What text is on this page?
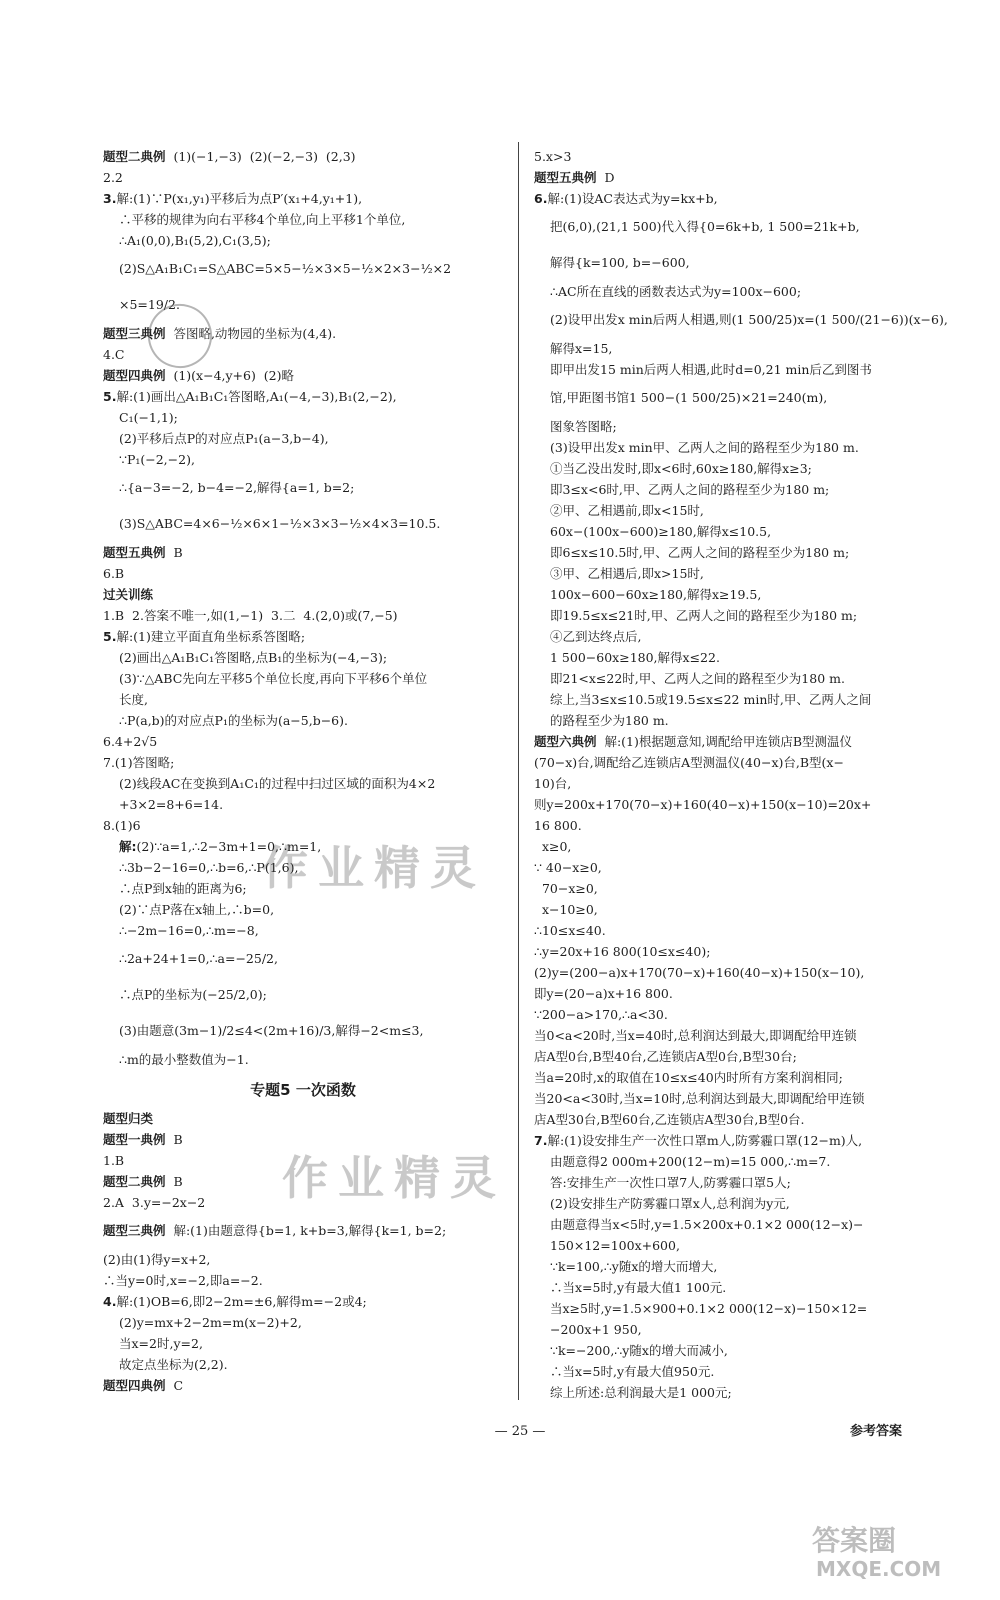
题型二典例  (1)(−1,−3)  (2)(−2,−3)  (2,3)
2.2
3.解:(1)∵P(x₁,y₁)平移后为点P′(x₁+4,y₁+1),
∴平移的规律为向右平移4个单位,向上平移1个单位,
∴A₁(0,0),B₁(5,2),C₁(3,5);
(2)S△A₁B₁C₁=S△ABC=5×5−½×3×5−½×2×3−½×2
×5=19/2.
题型三典例  答图略,动物园的坐标为(4,4).
4.C
题型四典例  (1)(x−4,y+6)  (2)略
5.解:(1)画出△A₁B₁C₁答图略,A₁(−4,−3),B₁(2,−2),
C₁(−1,1);
(2)平移后点P的对应点P₁(a−3,b−4),
∵P₁(−2,−2),
∴{a−3=−2, b−4=−2,解得{a=1, b=2;
(3)S△ABC=4×6−½×6×1−½×3×3−½×4×3=10.5.
题型五典例  B
6.B
过关训练
1.B  2.答案不唯一,如(1,−1)  3.二  4.(2,0)或(7,−5)
5.解:(1)建立平面直角坐标系答图略;
(2)画出△A₁B₁C₁答图略,点B₁的坐标为(−4,−3);
(3)∵△ABC先向左平移5个单位长度,再向下平移6个单位
长度,
∴P(a,b)的对应点P₁的坐标为(a−5,b−6).
6.4+2√5
7.(1)答图略;
(2)线段AC在变换到A₁C₁的过程中扫过区域的面积为4×2
+3×2=8+6=14.
8.(1)6
解:(2)∵a=1,∴2−3m+1=0,∴m=1,
∴3b−2−16=0,∴b=6,∴P(1,6),
∴点P到x轴的距离为6;
(2)∵点P落在x轴上,∴b=0,
∴−2m−16=0,∴m=−8,
∴2a+24+1=0,∴a=−25/2,
∴点P的坐标为(−25/2,0);
(3)由题意(3m−1)/2≤4<(2m+16)/3,解得−2<m≤3,
∴m的最小整数值为−1.
专题5 一次函数
题型归类
题型一典例  B
1.B
题型二典例  B
2.A  3.y=−2x−2
题型三典例  解:(1)由题意得{b=1, k+b=3,解得{k=1, b=2;
(2)由(1)得y=x+2,
∴当y=0时,x=−2,即a=−2.
4.解:(1)OB=6,即2−2m=±6,解得m=−2或4;
(2)y=mx+2−2m=m(x−2)+2,
当x=2时,y=2,
故定点坐标为(2,2).
题型四典例  C
5.x>3
题型五典例  D
6.解:(1)设AC表达式为y=kx+b,
把(6,0),(21,1 500)代入得{0=6k+b, 1 500=21k+b,
解得{k=100, b=−600,
∴AC所在直线的函数表达式为y=100x−600;
(2)设甲出发x min后两人相遇,则(1 500/25)x=(1 500/(21−6))(x−6),
解得x=15,
即甲出发15 min后两人相遇,此时d=0,21 min后乙到图书
馆,甲距图书馆1 500−(1 500/25)×21=240(m),
图象答图略;
(3)设甲出发x min甲、乙两人之间的路程至少为180 m.
①当乙没出发时,即x<6时,60x≥180,解得x≥3;
即3≤x<6时,甲、乙两人之间的路程至少为180 m;
②甲、乙相遇前,即x<15时,
60x−(100x−600)≥180,解得x≤10.5,
即6≤x≤10.5时,甲、乙两人之间的路程至少为180 m;
③甲、乙相遇后,即x>15时,
100x−600−60x≥180,解得x≥19.5,
即19.5≤x≤21时,甲、乙两人之间的路程至少为180 m;
④乙到达终点后,
1 500−60x≥180,解得x≤22.
即21<x≤22时,甲、乙两人之间的路程至少为180 m.
综上,当3≤x≤10.5或19.5≤x≤22 min时,甲、乙两人之间
的路程至少为180 m.
题型六典例  解:(1)根据题意知,调配给甲连锁店B型测温仪
(70−x)台,调配给乙连锁店A型测温仪(40−x)台,B型(x−
10)台,
则y=200x+170(70−x)+160(40−x)+150(x−10)=20x+
16 800.
x≥0,
∵ 40−x≥0,
70−x≥0,
x−10≥0,
∴10≤x≤40.
∴y=20x+16 800(10≤x≤40);
(2)y=(200−a)x+170(70−x)+160(40−x)+150(x−10),
即y=(20−a)x+16 800.
∵200−a>170,∴a<30.
当0<a<20时,当x=40时,总利润达到最大,即调配给甲连锁
店A型0台,B型40台,乙连锁店A型0台,B型30台;
当a=20时,x的取值在10≤x≤40内时所有方案利润相同;
当20<a<30时,当x=10时,总利润达到最大,即调配给甲连锁
店A型30台,B型60台,乙连锁店A型30台,B型0台.
7.解:(1)设安排生产一次性口罩m人,防雾霾口罩(12−m)人,
由题意得2 000m+200(12−m)=15 000,∴m=7.
答:安排生产一次性口罩7人,防雾霾口罩5人;
(2)设安排生产防雾霾口罩x人,总利润为y元,
由题意得当x<5时,y=1.5×200x+0.1×2 000(12−x)−
150×12=100x+600,
∵k=100,∴y随x的增大而增大,
∴当x=5时,y有最大值1 100元.
当x≥5时,y=1.5×900+0.1×2 000(12−x)−150×12=
−200x+1 950,
∵k=−200,∴y随x的增大而减小,
∴当x=5时,y有最大值950元.
综上所述:总利润最大是1 000元;
作业精灵
作业精灵
— 25 —	参考答案
答案圈
MXQE.COM
